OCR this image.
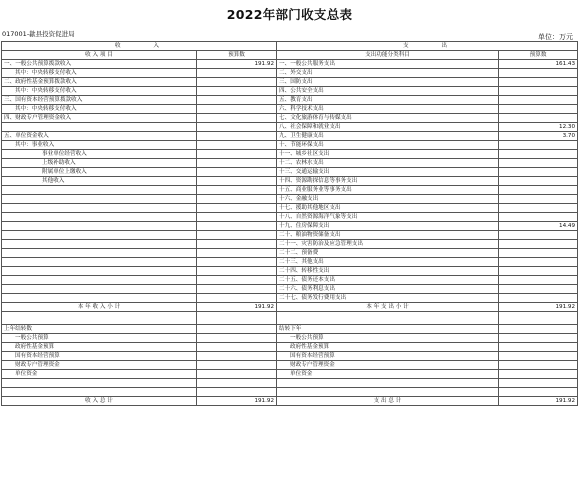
2022年部门收支总表
017001-歙县投资促进局	单位：万元
收　　　入		支　　　出	
收 入 项 目	预算数	支出功能分类科目	预算数
一、一般公共预算拨款收入	191.92	一、一般公共服务支出	161.43
其中：中央转移支付收入		二、外交支出	
二、政府性基金预算拨款收入		三、国防支出	
其中：中央转移支付收入		四、公共安全支出	
三、国有资本经营预算拨款收入		五、教育支出	
其中：中央转移支付收入		六、科学技术支出	
四、财政专户管理资金收入		七、文化旅游体育与传媒支出	
		八、社会保障和就业支出	12.30
五、单位资金收入		九、卫生健康支出	3.70
其中：事业收入		十、节能环保支出	
事业单位经营收入		十一、城乡社区支出	
上级补助收入		十二、农林水支出	
附属单位上缴收入		十三、交通运输支出	
其他收入		十四、资源勘探信息等事务支出	
		十五、商业服务业等事务支出	
		十六、金融支出	
		十七、援助其他地区支出	
		十八、自然资源海洋气象等支出	
		十九、住房保障支出	14.49
		二十、粮油物资储备支出	
		二十一、灾害防治及应急管理支出	
		二十二、预备费	
		二十三、其他支出	
		二十四、转移性支出	
		二十五、债务还本支出	
		二十六、债务利息支出	
		二十七、债务发行费用支出	
本 年 收 入 小 计	191.92	本 年 支 出 小 计	191.92

上年结转数		结转下年	
一般公共预算		一般公共预算	
政府性基金预算		政府性基金预算	
国有资本经营预算		国有资本经营预算	
财政专户管理资金		财政专户管理资金	
单位资金		单位资金	

收 入 总 计	191.92	支 出 总 计	191.92
